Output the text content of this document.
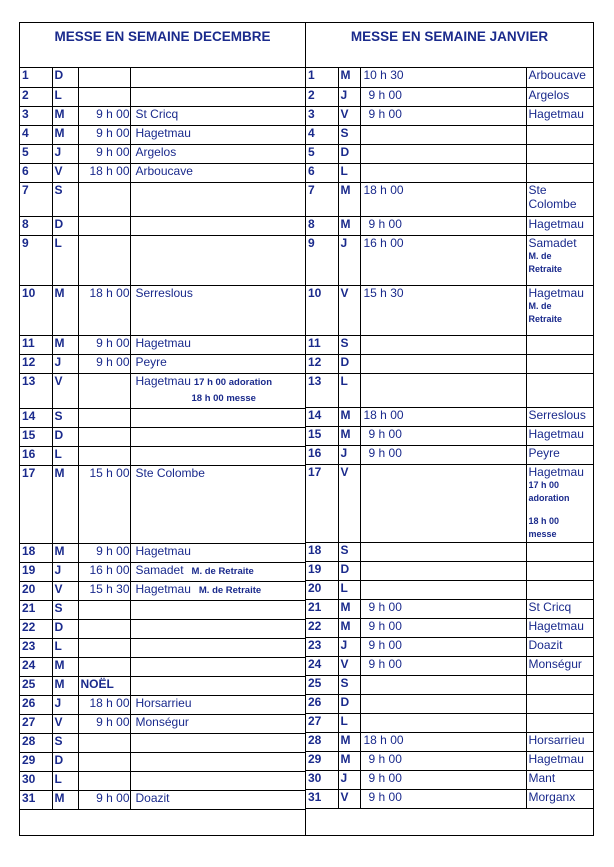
MESSE EN SEMAINE DECEMBRE
1	D		
2	L		
3	M	9 h 00	St Cricq
4	M	9 h 00	Hagetmau
5	J	9 h 00	Argelos
6	V	18 h 00	Arboucave
7	S		
8	D		
9	L		
10	M	18 h 00	Serreslous
11	M	9 h 00	Hagetmau
12	J	9 h 00	Peyre
13	V		Hagetmau 17 h 00 adoration
18 h 00 messe

14	S		
15	D		
16	L		
17	M	15 h 00	Ste Colombe
18	M	9 h 00	Hagetmau
19	J	16 h 00	Samadet M. de Retraite
20	V	15 h 30	Hagetmau M. de Retraite
21	S		
22	D		
23	L		
24	M		
25	M	NOËL	
26	J	18 h 00	Horsarrieu
27	V	9 h 00	Monségur
28	S		
29	D		
30	L		
31	M	9 h 00	Doazit
MESSE EN SEMAINE JANVIER
1	M	10 h 30	Arboucave
2	J	9 h 00	Argelos
3	V	9 h 00	Hagetmau
4	S		
5	D		
6	L		
7	M	18 h 00	Ste Colombe
8	M	9 h 00	Hagetmau
9	J	16 h 00	Samadet
M. de Retraite

10	V	15 h 30	Hagetmau
M. de Retraite

11	S		
12	D		
13	L		
14	M	18 h 00	Serreslous
15	M	9 h 00	Hagetmau
16	J	9 h 00	Peyre
17	V		Hagetmau
17 h 00 adoration
18 h 00 messe

18	S		
19	D		
20	L		
21	M	9 h 00	St Cricq
22	M	9 h 00	Hagetmau
23	J	9 h 00	Doazit
24	V	9 h 00	Monségur
25	S		
26	D		
27	L		
28	M	18 h 00	Horsarrieu
29	M	9 h 00	Hagetmau
30	J	9 h 00	Mant
31	V	9 h 00	Morganx
